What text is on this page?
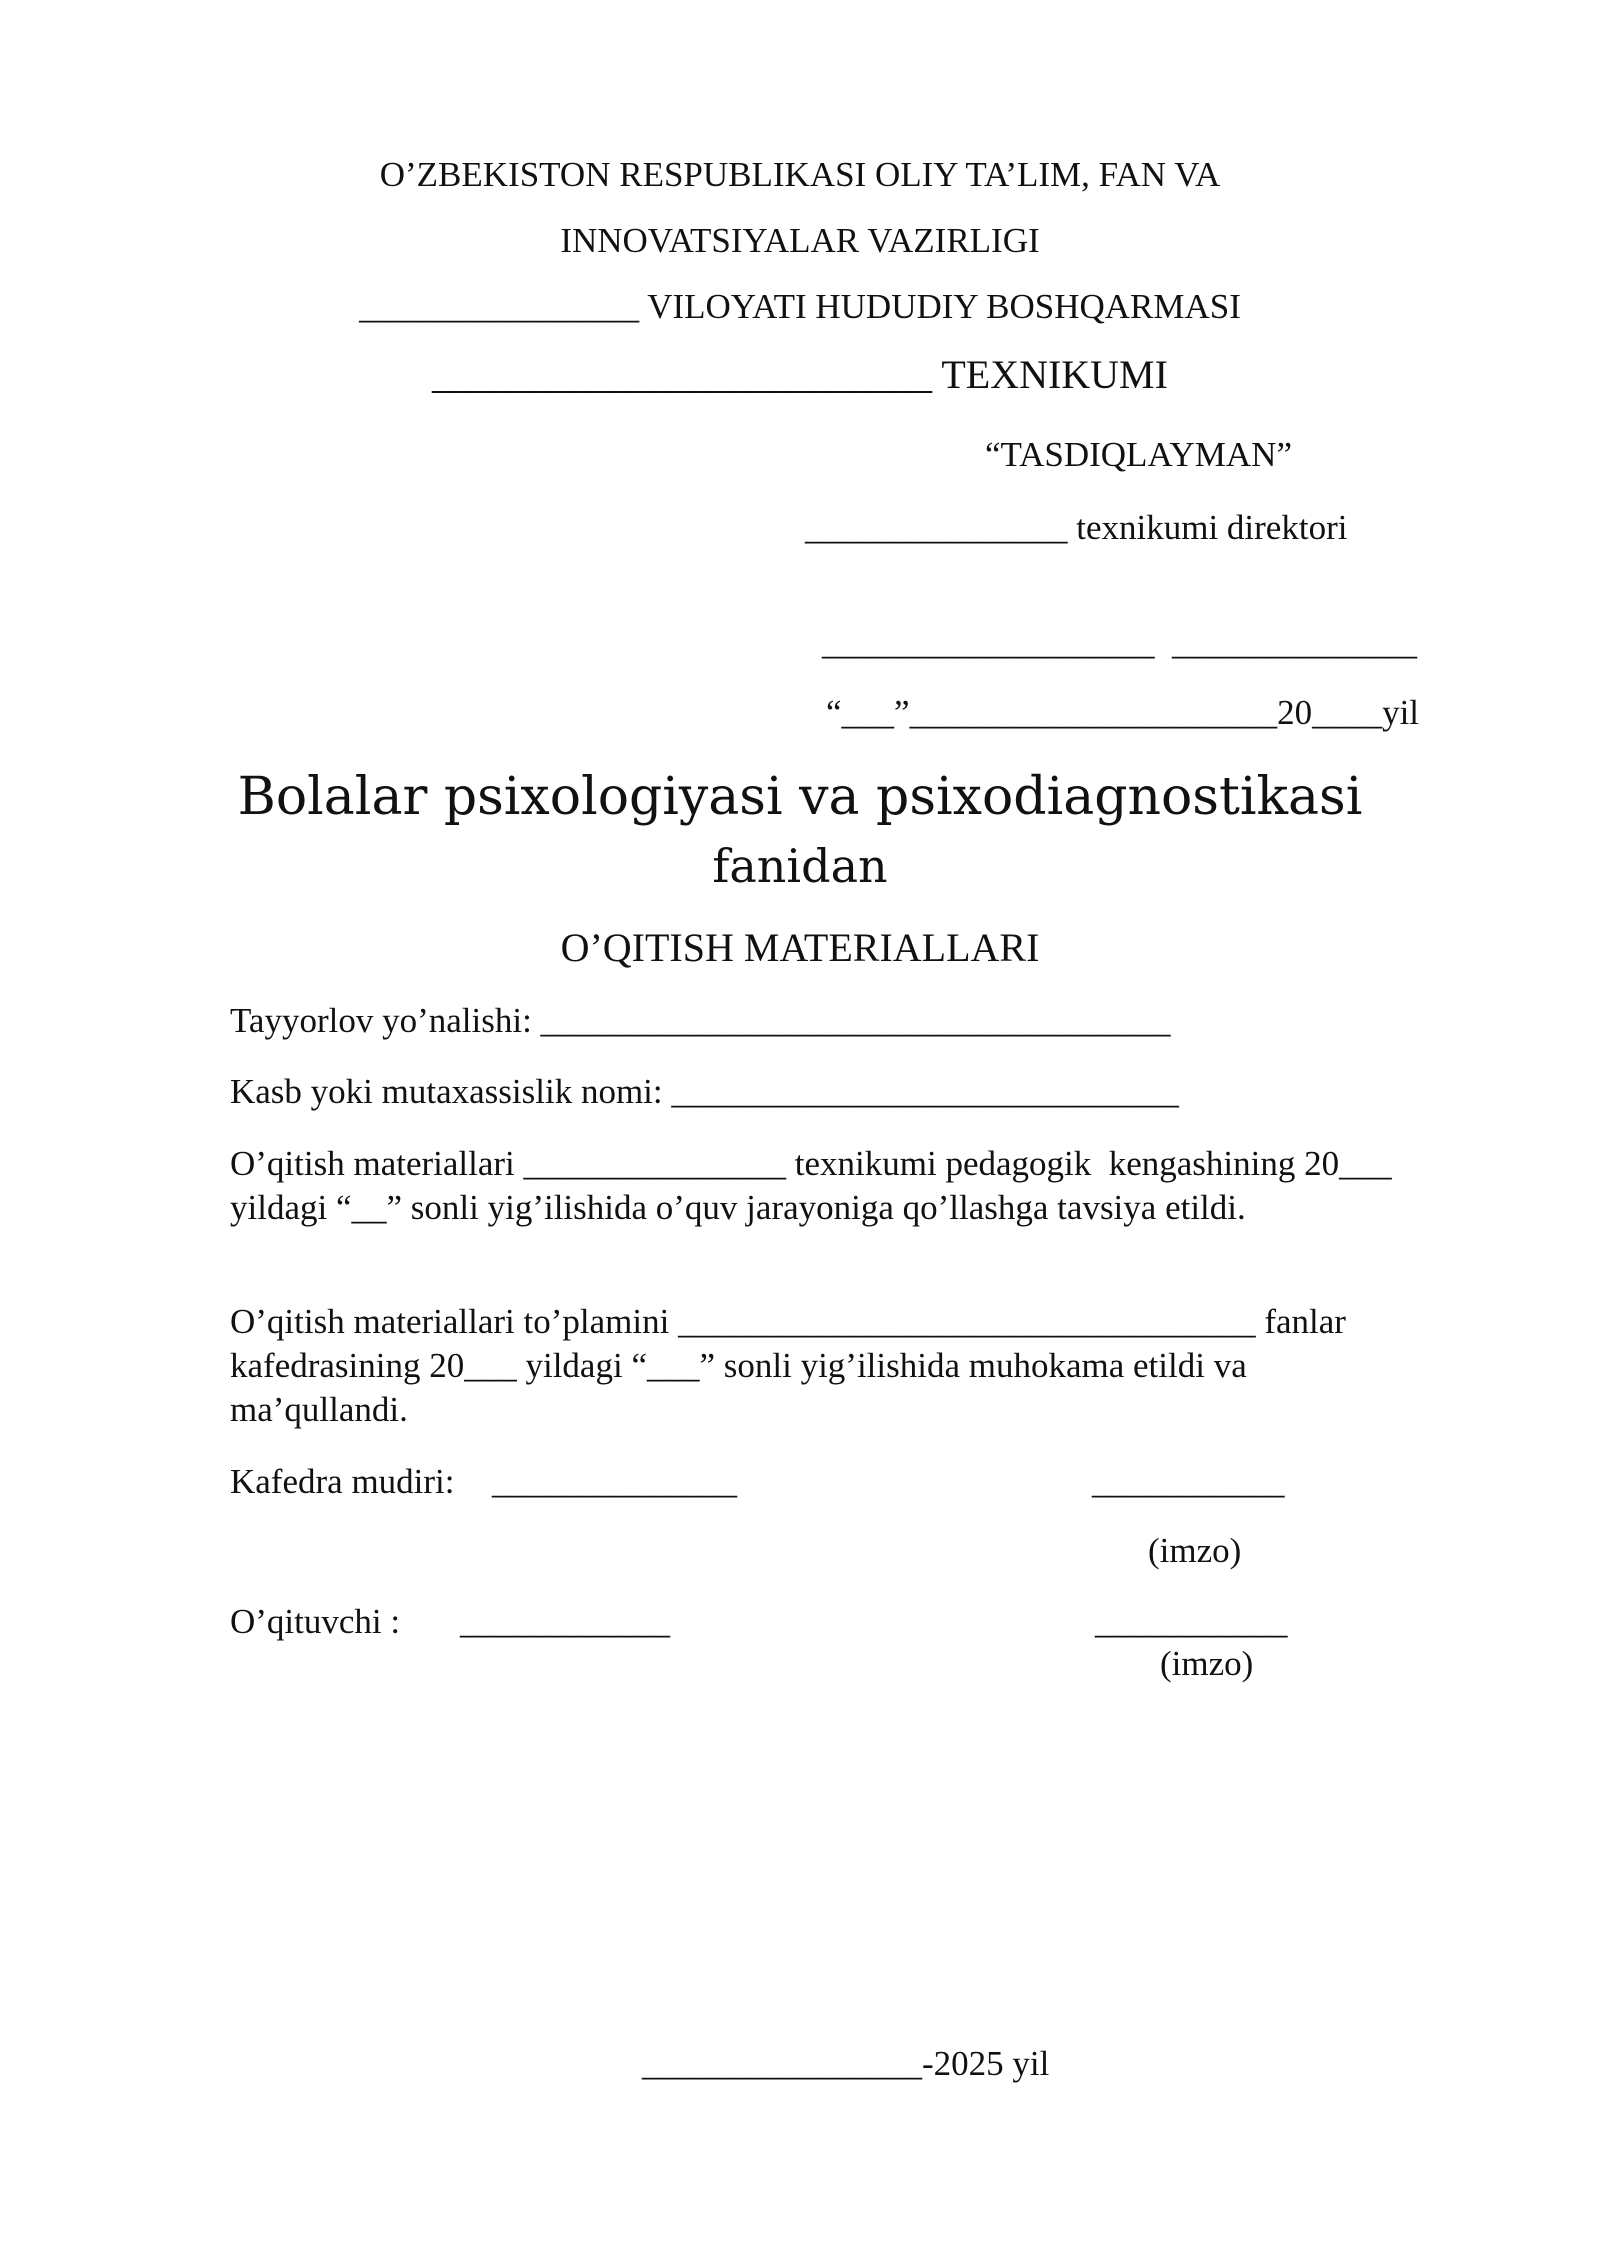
O’ZBEKISTON RESPUBLIKASI OLIY TA’LIM, FAN VA
INNOVATSIYALAR VAZIRLIGI
________________ VILOYATI HUDUDIY BOSHQARMASI
_________________________ TEXNIKUMI
“TASDIQLAYMAN”
_______________ texnikumi direktori
___________________  ______________
“___”_____________________20____yil
Bolalar psixologiyasi va psixodiagnostikasi
fanidan
O’QITISH MATERIALLARI
Tayyorlov yo’nalishi: ____________________________________
Kasb yoki mutaxassislik nomi: _____________________________
O’qitish materiallari _______________ texnikumi pedagogik  kengashining 20___
yildagi “__” sonli yig’ilishida o’quv jarayoniga qo’llashga tavsiya etildi.
O’qitish materiallari to’plamini _________________________________ fanlar
kafedrasining 20___ yildagi “___” sonli yig’ilishida muhokama etildi va
ma’qullandi.
Kafedra mudiri: ______________	___________
(imzo)
O’qituvchi : ____________	___________
(imzo)
________________-2025 yil
